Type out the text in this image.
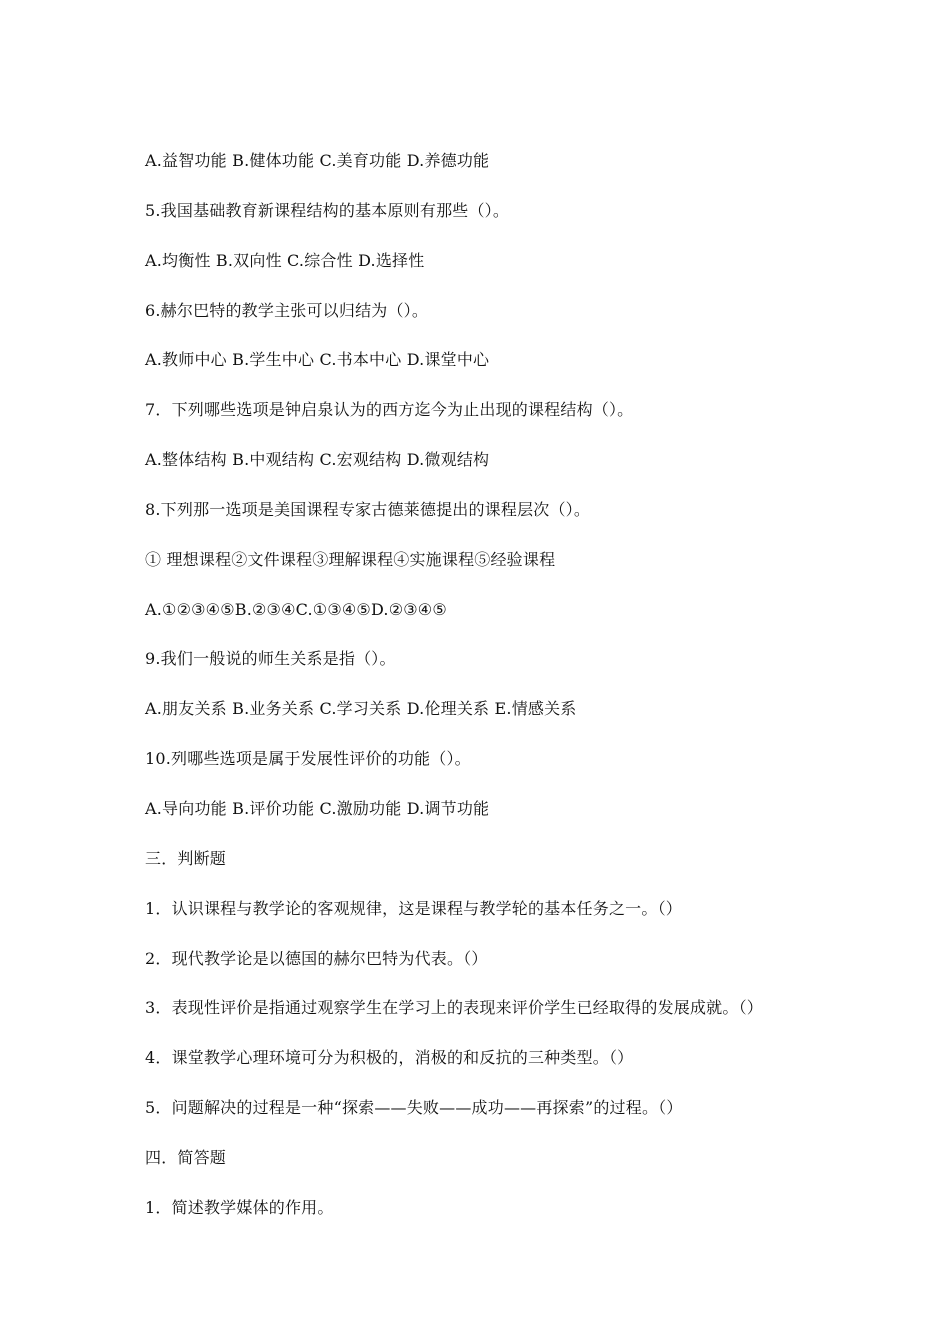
A.益智功能 B.健体功能 C.美育功能 D.养德功能
5.我国基础教育新课程结构的基本原则有那些（）。
A.均衡性 B.双向性 C.综合性 D.选择性
6.赫尔巴特的教学主张可以归结为（）。
A.教师中心 B.学生中心 C.书本中心 D.课堂中心
7．下列哪些选项是钟启泉认为的西方迄今为止出现的课程结构（）。
A.整体结构 B.中观结构 C.宏观结构 D.微观结构
8.下列那一选项是美国课程专家古德莱德提出的课程层次（）。
① 理想课程②文件课程③理解课程④实施课程⑤经验课程
A.①②③④⑤B.②③④C.①③④⑤D.②③④⑤
9.我们一般说的师生关系是指（）。
A.朋友关系 B.业务关系 C.学习关系 D.伦理关系 E.情感关系
10.列哪些选项是属于发展性评价的功能（）。
A.导向功能 B.评价功能 C.激励功能 D.调节功能
三．判断题
1．认识课程与教学论的客观规律，这是课程与教学轮的基本任务之一。（）
2．现代教学论是以德国的赫尔巴特为代表。（）
3．表现性评价是指通过观察学生在学习上的表现来评价学生已经取得的发展成就。（）
4．课堂教学心理环境可分为积极的，消极的和反抗的三种类型。（）
5．问题解决的过程是一种“探索——失败——成功——再探索”的过程。（）
四．简答题
1．简述教学媒体的作用。
